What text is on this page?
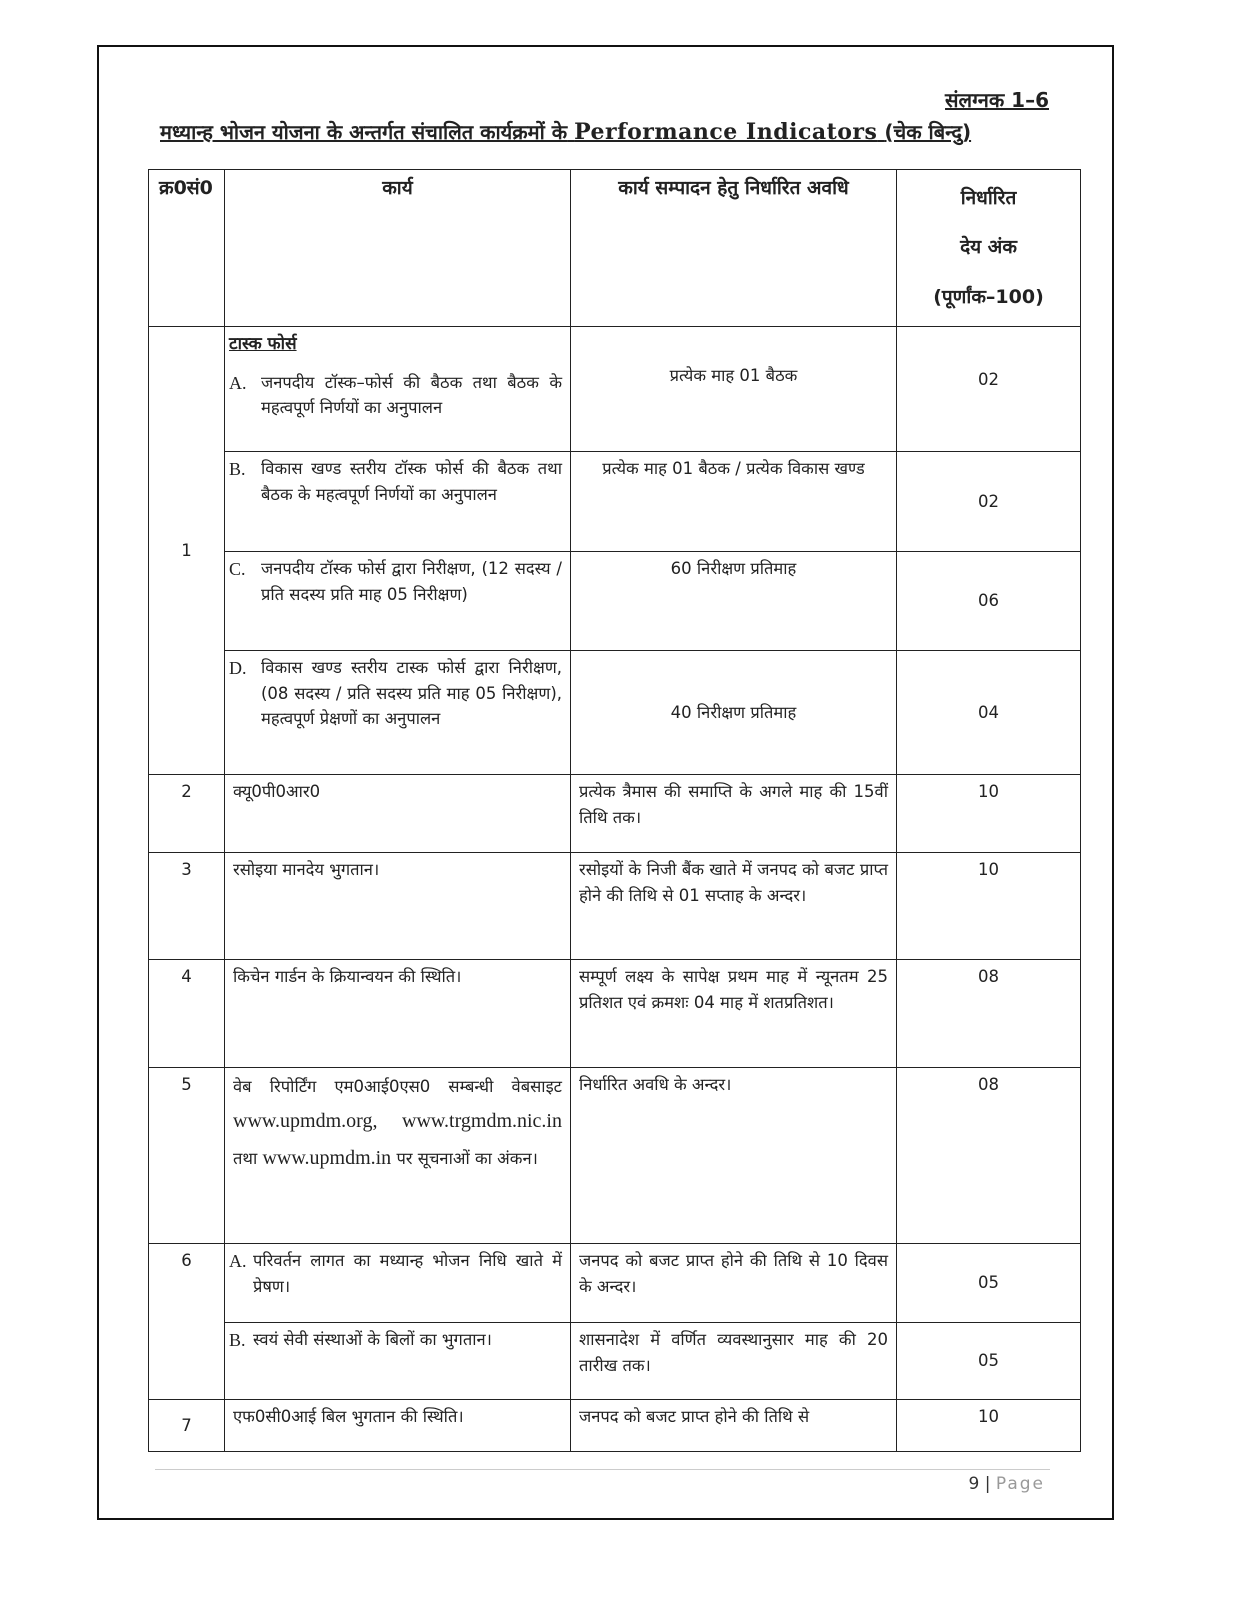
संलग्नक 1–6
मध्यान्ह भोजन योजना के अन्तर्गत संचालित कार्यक्रमों के Performance Indicators (चेक बिन्दु)
क्र0सं0	कार्य	कार्य सम्पादन हेतु निर्धारित अवधि	निर्धारित
देय अंक
(पूर्णांक–100)

1	टास्क फोर्स
A. जनपदीय टॉस्क–फोर्स की बैठक तथा बैठक के महत्वपूर्ण निर्णयों का अनुपालन	प्रत्येक माह 01 बैठक	02

	B. विकास खण्ड स्तरीय टॉस्क फोर्स की बैठक तथा बैठक के महत्वपूर्ण निर्णयों का अनुपालन	प्रत्येक माह 01 बैठक / प्रत्येक विकास खण्ड	02

	C. जनपदीय टॉस्क फोर्स द्वारा निरीक्षण, (12 सदस्य / प्रति सदस्य प्रति माह 05 निरीक्षण)	60 निरीक्षण प्रतिमाह	06

	D. विकास खण्ड स्तरीय टास्क फोर्स द्वारा निरीक्षण, (08 सदस्य / प्रति सदस्य प्रति माह 05 निरीक्षण), महत्वपूर्ण प्रेक्षणों का अनुपालन	40 निरीक्षण प्रतिमाह	04
2	क्यू0पी0आर0	प्रत्येक त्रैमास की समाप्ति के अगले माह की 15वीं तिथि तक।	10
3	रसोइया मानदेय भुगतान।	रसोइयों के निजी बैंक खाते में जनपद को बजट प्राप्त होने की तिथि से 01 सप्ताह के अन्दर।	10
4	किचेन गार्डन के क्रियान्वयन की स्थिति।	सम्पूर्ण लक्ष्य के सापेक्ष प्रथम माह में न्यूनतम 25 प्रतिशत एवं क्रमशः 04 माह में शतप्रतिशत।	08
5	वेब रिपोर्टिंग एम0आई0एस0 सम्बन्धी वेबसाइट www.upmdm.org, www.trgmdm.nic.in तथा www.upmdm.in पर सूचनाओं का अंकन।	निर्धारित अवधि के अन्दर।	08
6	A. परिवर्तन लागत का मध्यान्ह भोजन निधि खाते में प्रेषण।	जनपद को बजट प्राप्त होने की तिथि से 10 दिवस के अन्दर।	05

	B. स्वयं सेवी संस्थाओं के बिलों का भुगतान।	शासनादेश में वर्णित व्यवस्थानुसार माह की 20 तारीख तक।	05
7	एफ0सी0आई बिल भुगतान की स्थिति।	जनपद को बजट प्राप्त होने की तिथि से	10
9 | Page
